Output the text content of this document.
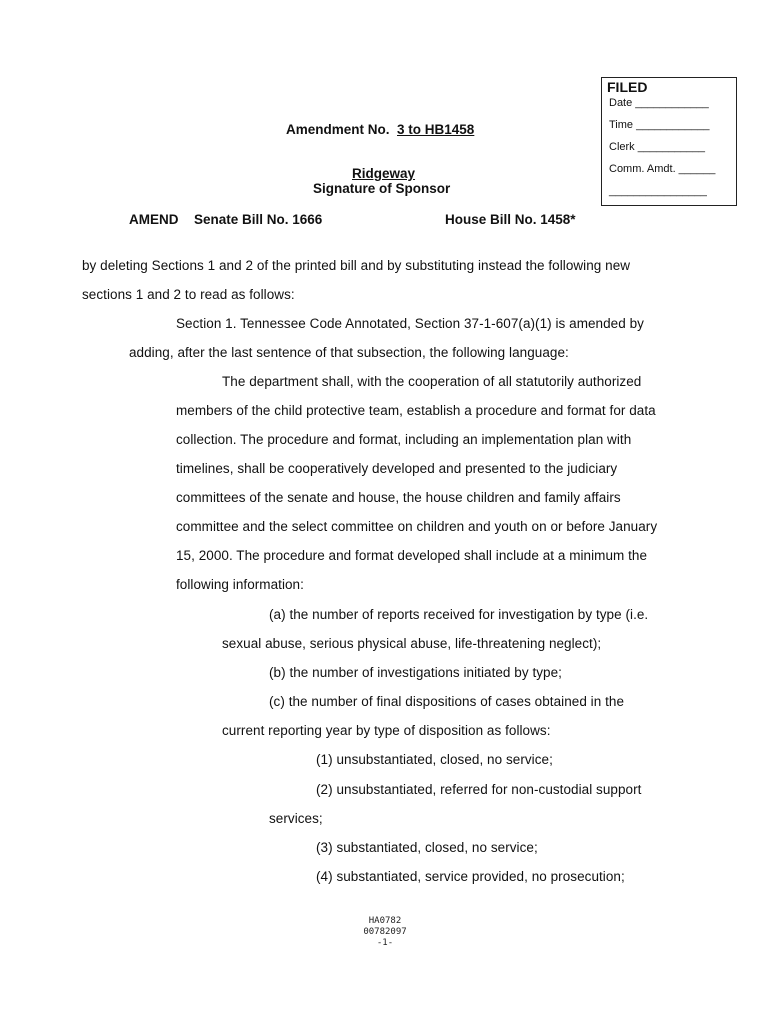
FILED
Date ____________
Time ____________
Clerk ___________
Comm. Amdt. ______
________________
Amendment No. 3 to HB1458
Ridgeway
Signature of Sponsor
AMEND Senate Bill No. 1666	House Bill No. 1458*
by deleting Sections 1 and 2 of the printed bill and by substituting instead the following new
sections 1 and 2 to read as follows:
Section 1. Tennessee Code Annotated, Section 37-1-607(a)(1) is amended by
adding, after the last sentence of that subsection, the following language:
The department shall, with the cooperation of all statutorily authorized
members of the child protective team, establish a procedure and format for data
collection. The procedure and format, including an implementation plan with
timelines, shall be cooperatively developed and presented to the judiciary
committees of the senate and house, the house children and family affairs
committee and the select committee on children and youth on or before January
15, 2000. The procedure and format developed shall include at a minimum the
following information:
(a) the number of reports received for investigation by type (i.e.
sexual abuse, serious physical abuse, life-threatening neglect);
(b) the number of investigations initiated by type;
(c) the number of final dispositions of cases obtained in the
current reporting year by type of disposition as follows:
(1) unsubstantiated, closed, no service;
(2) unsubstantiated, referred for non-custodial support
services;
(3) substantiated, closed, no service;
(4) substantiated, service provided, no prosecution;
HA0782
00782097
-1-
